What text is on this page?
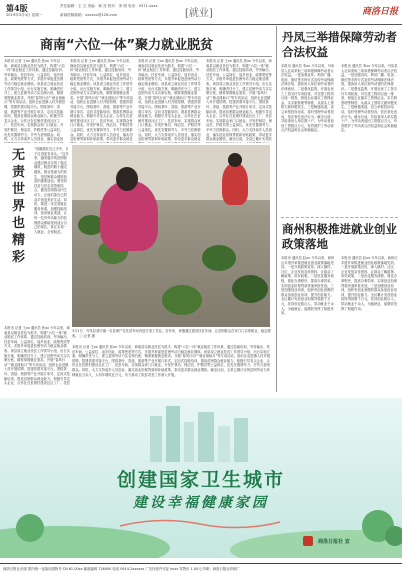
第4版
2019年3月4日 星期一
责任编辑：王 文 美编：杨 亮 校对：李 明 电话：0371-xxxx
新闻投稿邮箱：xxxxxx@126.com	[就业]	商洛日报
商南“六位一体”聚力就业脱贫
本报讯 记者 王xx 通讯员 张xx 今年以来，商南县以就业扶贫为抓手，构建“六位一体”就业脱贫工作体系，通过技能培训、劳务输出、扶贫车间、公益岗位、返乡创业、政策兜底等方式，多措并举促进贫困劳动力稳定就业增收。该县成立就业扶贫工作领导小组，出台实施方案，明确责任分工，建立贫困劳动力实名制台账，精准掌握就业需求。开展“春风行动”“就业援助月”等专项活动，组织企业进镇入村开展招聘，搭建供需对接平台。围绕茶叶、香菇、旅游等产业开展订单式、定向式技能培训，提高贫困群众就业能力。积极引导龙头企业、合作社在贫困村建设社区工厂、扶贫车间，实现群众家门口就业。开发护林员、保洁员、护路员等公益岗位，优先安置弱劳力、半劳力贫困群众。同时，大力支持返乡人员创业，落实创业担
本报讯 记者 王xx 通讯员 张xx 今年以来，商南县以就业扶贫为抓手，构建“六位一体”就业脱贫工作体系，通过技能培训、劳务输出、扶贫车间、公益岗位、返乡创业、政策兜底等方式，多措并举促进贫困劳动力稳定就业增收。该县成立就业扶贫工作领导小组，出台实施方案，明确责任分工，建立贫困劳动力实名制台账，精准掌握就业需求。开展“春风行动”“就业援助月”等专项活动，组织企业进镇入村开展招聘，搭建供需对接平台。围绕茶叶、香菇、旅游等产业开展订单式、定向式技能培训，提高贫困群众就业能力。积极引导龙头企业、合作社在贫困村建设社区工厂、扶贫车间，实现群众家门口就业。开发护林员、保洁员、护路员等公益岗位，优先安置弱劳力、半劳力贫困群众。同时，大力支持返乡人员创业，落实创业担保贷款和补贴政策，带动更多群众就业
本报讯 记者 王xx 通讯员 张xx 今年以来，商南县以就业扶贫为抓手，构建“六位一体”就业脱贫工作体系，通过技能培训、劳务输出、扶贫车间、公益岗位、返乡创业、政策兜底等方式，多措并举促进贫困劳动力稳定就业增收。该县成立就业扶贫工作领导小组，出台实施方案，明确责任分工，建立贫困劳动力实名制台账，精准掌握就业需求。开展“春风行动”“就业援助月”等专项活动，组织企业进镇入村开展招聘，搭建供需对接平台。围绕茶叶、香菇、旅游等产业开展订单式、定向式技能培训，提高贫困群众就业能力。积极引导龙头企业、合作社在贫困村建设社区工厂、扶贫车间，实现群众家门口就业。开发护林员、保洁员、护路员等公益岗位，优先安置弱劳力、半劳力贫困群众。同时，大力支持返乡人员创业，落实创业担保贷款和补贴政策，带动更多群众就业
本报讯 记者 王xx 通讯员 张xx 今年以来，商南县以就业扶贫为抓手，构建“六位一体”就业脱贫工作体系，通过技能培训、劳务输出、扶贫车间、公益岗位、返乡创业、政策兜底等方式，多措并举促进贫困劳动力稳定就业增收。该县成立就业扶贫工作领导小组，出台实施方案，明确责任分工，建立贫困劳动力实名制台账，精准掌握就业需求。开展“春风行动”“就业援助月”等专项活动，组织企业进镇入村开展招聘，搭建供需对接平台。围绕茶叶、香菇、旅游等产业开展订单式、定向式技能培训，提高贫困群众就业能力。积极引导龙头企业、合作社在贫困村建设社区工厂、扶贫车间，实现群众家门口就业。开发护林员、保洁员、护路员等公益岗位，优先安置弱劳力、半劳力贫困群众。同时，大力支持返乡人员创业，落实创业担保贷款和补贴政策，带动更多群众就业增收。截至目前，全县已累计实现贫
无责世界也精彩
“饭碗端在自己手中，日子过得更有奔头。”近年来，越来越多的贫困群众通过就业实现了稳定增收，脱贫的路子越走越宽。就业是最大的民生，是贫困群众增收致富的重要途径。要坚持扶贫与扶志扶智相结合，激发贫困群众内生动力，让他们靠自己的双手创造美好生活。同时，要进一步完善就业服务体系，加强技能培训，拓宽就业渠道，让每一位有劳动能力的贫困群众都能找到适合自己的岗位，真正实现一人就业、全家脱贫。
3月1日，丹凤县茶坊镇一名贫困户在扶贫车间内进行加工作业。近年来，该镇通过建设扶贫车间，让贫困群众在家门口实现就业，稳定增收。 □ 记者 摄
本报讯 记者 王xx 通讯员 张xx 今年以来，商南县以就业扶贫为抓手，构建“六位一体”就业脱贫工作体系，通过技能培训、劳务输出、扶贫车间、公益岗位、返乡创业、政策兜底等方式，多措并举促进贫困劳动力稳定就业增收。该县成立就业扶贫工作领导小组，出台实施方案，明确责任分工，建立贫困劳动力实名制台账，精准掌握就业需求。开展“春风行动”“就业援助月”等专项活动，组织企业进镇入村开展招聘，搭建供需对接平台。围绕茶叶、香菇、旅游等产业开展订单式、定向式技能培训，提高贫困群众就业能力。积极引导龙头企业、合作社在贫困村建设社区工厂、扶贫
本报讯 记者 王xx 通讯员 张xx 今年以来，商南县以就业扶贫为抓手，构建“六位一体”就业脱贫工作体系，通过技能培训、劳务输出、扶贫车间、公益岗位、返乡创业、政策兜底等方式，多措并举促进贫困劳动力稳定就业增收。该县成立就业扶贫工作领导小组，出台实施方案，明确责任分工，建立贫困劳动力实名制台账，精准掌握就业需求。开展“春风行动”“就业援助月”等专项活动，组织企业进镇入村开展招聘，搭建供需对接平台。围绕茶叶、香菇、旅游等产业开展订单式、定向式技能培训，提高贫困群众就业能力。积极引导龙头企业、合作社在贫困村建设社区工厂、扶贫车间，实现群众家门口就业。开发护林员、保洁员、护路员等公益岗位，优先安置弱劳力、半劳力贫困群众。同时，大力支持返乡人员创业，落实创业担保贷款和补贴政策，带动更多群众就业增收。截至目前，全县已累计实现贫困劳动力转移就业万余人，人均年增收近万元，有力推动了脱贫攻坚工作深入开展。
丹凤三举措保障劳动者合法权益
本报讯 通讯员 李xx 今年以来，丹凤县人社局采取三项举措保障劳动者合法权益。一是加强宣传，利用广播、电视、微信等多种方式宣传劳动保障法律法规，提高用人单位和劳动者的法律意识。二是强化监察，开展农民工工资支付专项检查，对在建工程项目逐一排查，督促企业落实工资保证金、实名制管理等制度，从源头上预防欠薪问题发生。三是畅通渠道，设立举报投诉电话，及时受理劳动者投诉，依法查处违法行为。截至目前，共检查用人单位数十户，为劳动者追回工资数百万元，有效维护了劳动者合法权益和社会和谐稳定。
本报讯 通讯员 李xx 今年以来，丹凤县人社局采取三项举措保障劳动者合法权益。一是加强宣传，利用广播、电视、微信等多种方式宣传劳动保障法律法规，提高用人单位和劳动者的法律意识。二是强化监察，开展农民工工资支付专项检查，对在建工程项目逐一排查，督促企业落实工资保证金、实名制管理等制度，从源头上预防欠薪问题发生。三是畅通渠道，设立举报投诉电话，及时受理劳动者投诉，依法查处违法行为。截至目前，共检查用人单位数十户，为劳动者追回工资数百万元，有效维护了劳动者合法权益和社会和谐稳定。
商州积极推进就业创业政策落地
本报讯 通讯员 赵xx 今年以来，商州区多措并举推进就业创业政策落地见效。一是开展政策宣传，深入镇村、社区、企业发放宣传资料，让群众了解政策、用好政策。二是优化服务流程，简化办事程序，提高办事效率，实现创业担保贷款快速审批发放。三是加强创业培训，组织有创业意愿的群众参加创业培训，提升创业能力。全区累计发放创业担保贷款数千万元，扶持创业数百人，带动就业千余人，为稳就业、促增收发挥了积极作用。
本报讯 通讯员 赵xx 今年以来，商州区多措并举推进就业创业政策落地见效。一是开展政策宣传，深入镇村、社区、企业发放宣传资料，让群众了解政策、用好政策。二是优化服务流程，简化办事程序，提高办事效率，实现创业担保贷款快速审批发放。三是加强创业培训，组织有创业意愿的群众参加创业培训，提升创业能力。全区累计发放创业担保贷款数千万元，扶持创业数百人，带动就业千余人，为稳就业、促增收发挥了积极作用。
创建国家卫生城市
建设幸福健康家园
商洛日报社 宣
商洛日报社出版 国内统一连续出版物号 CN 61-00xx 邮政编码 726000 电话 0914-2xxxxxx 广告经营许可证 xxxx 零售价 1.00元 印刷：商洛日报社印刷厂
